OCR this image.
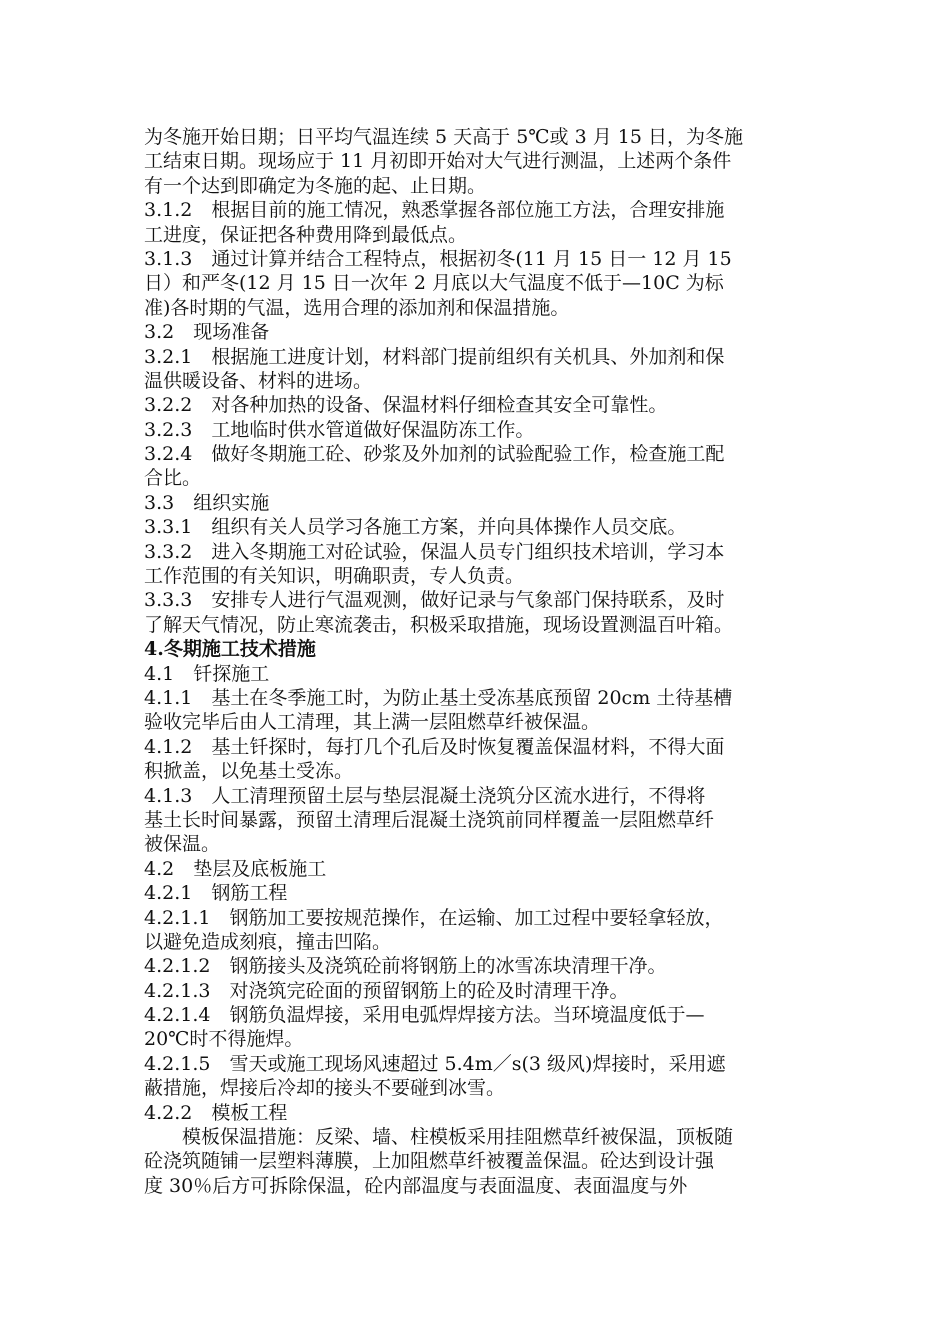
为冬施开始日期；日平均气温连续 5 天高于 5℃或 3 月 15 日，为冬施
工结束日期。现场应于 11 月初即开始对大气进行测温，上述两个条件
有一个达到即确定为冬施的起、止日期。
3.1.2　根据目前的施工情况，熟悉掌握各部位施工方法，合理安排施
工进度，保证把各种费用降到最低点。
3.1.3　通过计算并结合工程特点，根据初冬(11 月 15 日一 12 月 15
日）和严冬(12 月 15 日一次年 2 月底以大气温度不低于—10C 为标
准)各时期的气温，选用合理的添加剂和保温措施。
3.2　现场准备
3.2.1　根据施工进度计划，材料部门提前组织有关机具、外加剂和保
温供暖设备、材料的进场。
3.2.2　对各种加热的设备、保温材料仔细检查其安全可靠性。
3.2.3　工地临时供水管道做好保温防冻工作。
3.2.4　做好冬期施工砼、砂浆及外加剂的试验配验工作，检查施工配
合比。
3.3　组织实施
3.3.1　组织有关人员学习各施工方案，并向具体操作人员交底。
3.3.2　进入冬期施工对砼试验，保温人员专门组织技术培训，学习本
工作范围的有关知识，明确职责，专人负责。
3.3.3　安排专人进行气温观测，做好记录与气象部门保持联系，及时
了解天气情况，防止寒流袭击，积极采取措施，现场设置测温百叶箱。
4.冬期施工技术措施
4.1　钎探施工
4.1.1　基土在冬季施工时，为防止基土受冻基底预留 20cm 土待基槽
验收完毕后由人工清理，其上满一层阻燃草纤被保温。
4.1.2　基土钎探时，每打几个孔后及时恢复覆盖保温材料，不得大面
积掀盖，以免基土受冻。
4.1.3　人工清理预留土层与垫层混凝土浇筑分区流水进行，不得将
基土长时间暴露，预留土清理后混凝土浇筑前同样覆盖一层阻燃草纤
被保温。
4.2　垫层及底板施工
4.2.1　钢筋工程
4.2.1.1　钢筋加工要按规范操作，在运输、加工过程中要轻拿轻放，
以避免造成刻痕，撞击凹陷。
4.2.1.2　钢筋接头及浇筑砼前将钢筋上的冰雪冻块清理干净。
4.2.1.3　对浇筑完砼面的预留钢筋上的砼及时清理干净。
4.2.1.4　钢筋负温焊接，采用电弧焊焊接方法。当环境温度低于—
20℃时不得施焊。
4.2.1.5　雪天或施工现场风速超过 5.4m／s(3 级风)焊接时，采用遮
蔽措施，焊接后冷却的接头不要碰到冰雪。
4.2.2　模板工程
模板保温措施：反梁、墙、柱模板采用挂阻燃草纤被保温，顶板随
砼浇筑随铺一层塑料薄膜，上加阻燃草纤被覆盖保温。砼达到设计强
度 30％后方可拆除保温，砼内部温度与表面温度、表面温度与外
